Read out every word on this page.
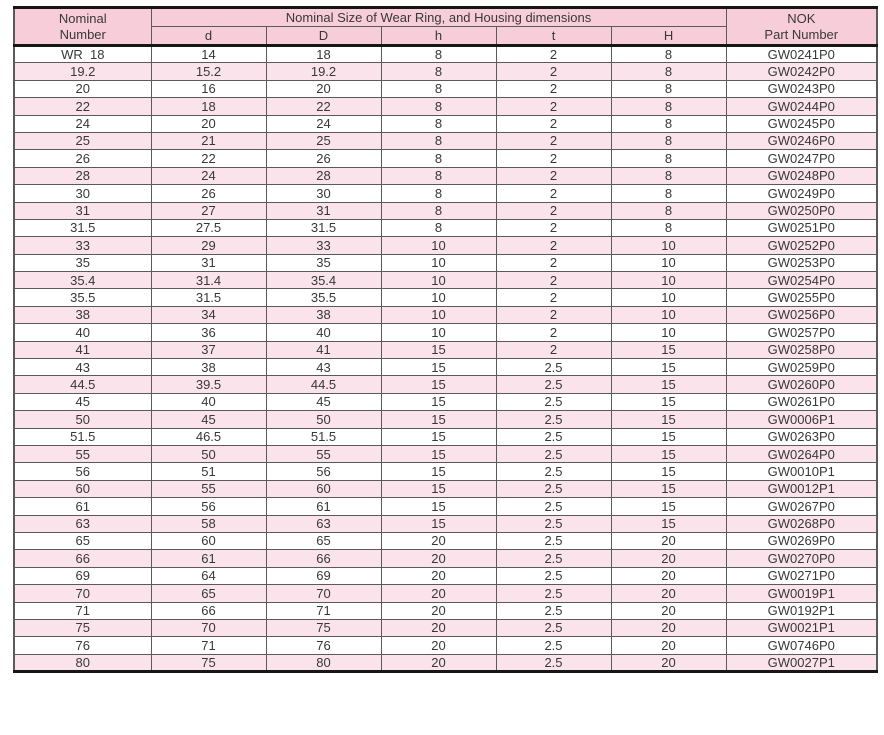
Nominal
Number	Nominal Size of Wear Ring, and Housing dimensions					NOK
Part Number
	d	D	h	t	H	
WR  18	14	18	8	2	8	GW0241P0
19.2	15.2	19.2	8	2	8	GW0242P0
20	16	20	8	2	8	GW0243P0
22	18	22	8	2	8	GW0244P0
24	20	24	8	2	8	GW0245P0
25	21	25	8	2	8	GW0246P0
26	22	26	8	2	8	GW0247P0
28	24	28	8	2	8	GW0248P0
30	26	30	8	2	8	GW0249P0
31	27	31	8	2	8	GW0250P0
31.5	27.5	31.5	8	2	8	GW0251P0
33	29	33	10	2	10	GW0252P0
35	31	35	10	2	10	GW0253P0
35.4	31.4	35.4	10	2	10	GW0254P0
35.5	31.5	35.5	10	2	10	GW0255P0
38	34	38	10	2	10	GW0256P0
40	36	40	10	2	10	GW0257P0
41	37	41	15	2	15	GW0258P0
43	38	43	15	2.5	15	GW0259P0
44.5	39.5	44.5	15	2.5	15	GW0260P0
45	40	45	15	2.5	15	GW0261P0
50	45	50	15	2.5	15	GW0006P1
51.5	46.5	51.5	15	2.5	15	GW0263P0
55	50	55	15	2.5	15	GW0264P0
56	51	56	15	2.5	15	GW0010P1
60	55	60	15	2.5	15	GW0012P1
61	56	61	15	2.5	15	GW0267P0
63	58	63	15	2.5	15	GW0268P0
65	60	65	20	2.5	20	GW0269P0
66	61	66	20	2.5	20	GW0270P0
69	64	69	20	2.5	20	GW0271P0
70	65	70	20	2.5	20	GW0019P1
71	66	71	20	2.5	20	GW0192P1
75	70	75	20	2.5	20	GW0021P1
76	71	76	20	2.5	20	GW0746P0
80	75	80	20	2.5	20	GW0027P1
